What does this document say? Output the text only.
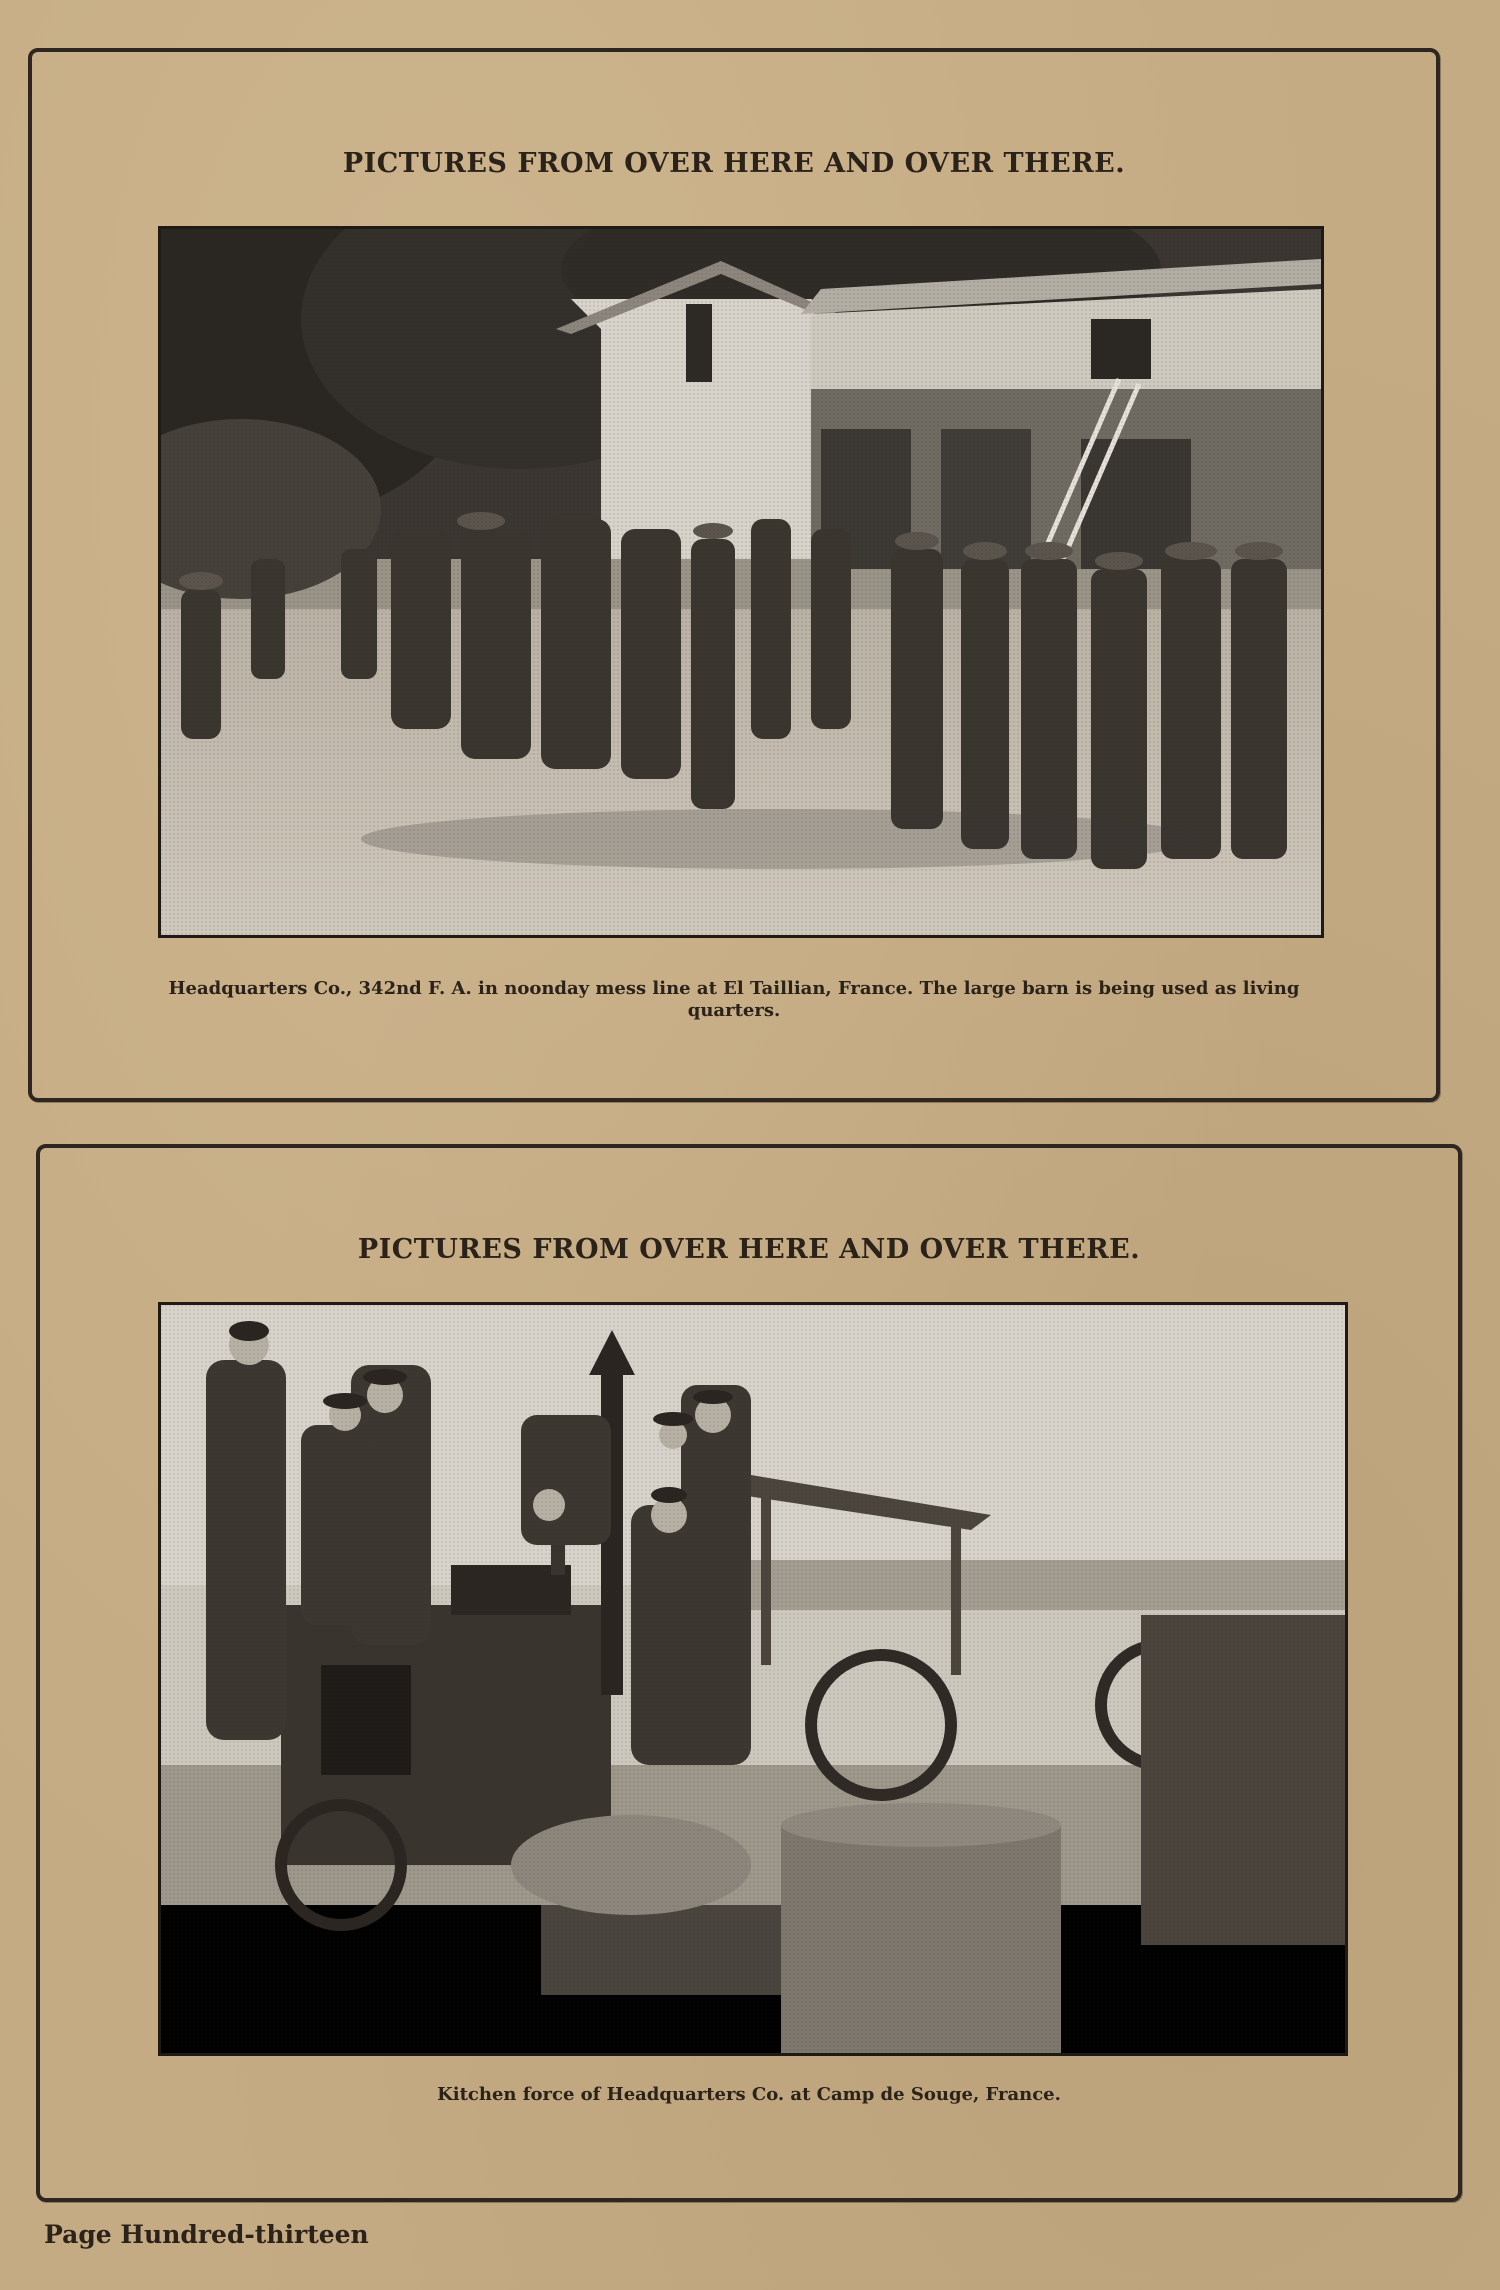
PICTURES FROM OVER HERE AND OVER THERE.
Headquarters Co., 342nd F. A. in noonday mess line at El Taillian, France. The large barn is being used as living quarters.
PICTURES FROM OVER HERE AND OVER THERE.
Kitchen force of Headquarters Co. at Camp de Souge, France.
Page Hundred-thirteen
